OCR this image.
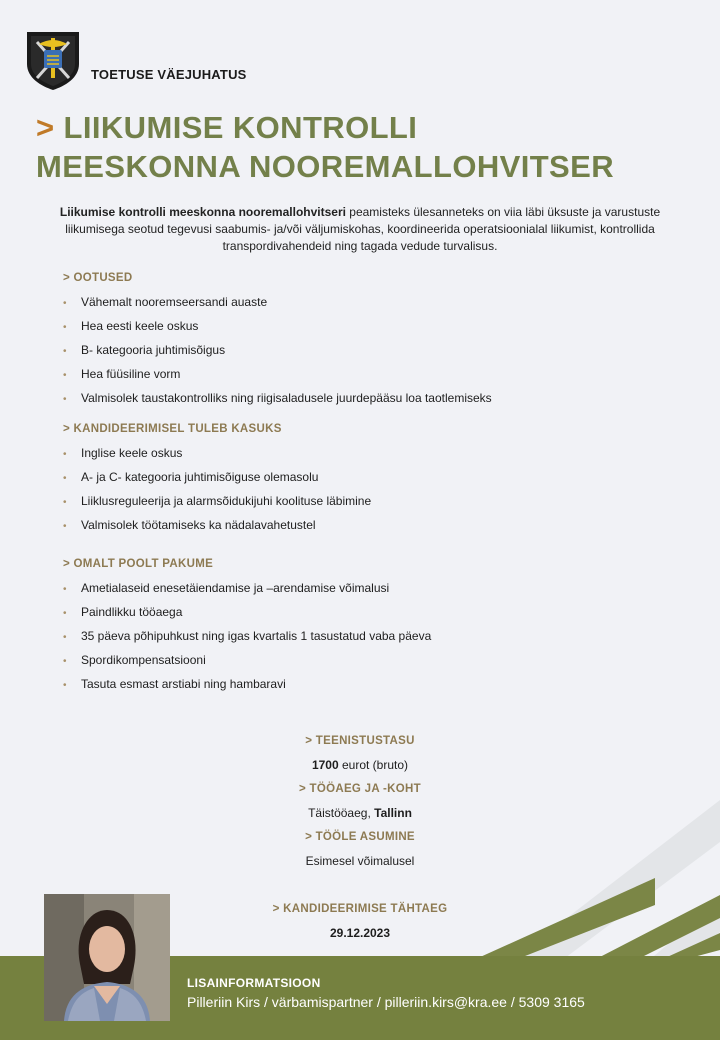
TOETUSE VÄEJUHATUS
> LIIKUMISE KONTROLLI
MEESKONNA NOOREMALLOHVITSER
Liikumise kontrolli meeskonna nooremallohvitseri peamisteks ülesanneteks on viia läbi üksuste ja varustuste liikumisega seotud tegevusi saabumis- ja/või väljumiskohas, koordineerida operatsioonialal liikumist, kontrollida transpordivahendeid ning tagada vedude turvalisus.
> OOTUSED
• Vähemalt nooremseersandi auaste
• Hea eesti keele oskus
• B- kategooria juhtimisõigus
• Hea füüsiline vorm
• Valmisolek taustakontrolliks ning riigisaladusele juurdepääsu loa taotlemiseks
> KANDIDEERIMISEL TULEB KASUKS
• Inglise keele oskus
• A- ja C- kategooria juhtimisõiguse olemasolu
• Liiklusreguleerija ja alarmsõidukijuhi koolituse läbimine
• Valmisolek töötamiseks ka nädalavahetustel
> OMALT POOLT PAKUME
• Ametialaseid enesetäiendamise ja –arendamise võimalusi
• Paindlikku tööaega
• 35 päeva põhipuhkust ning igas kvartalis 1 tasustatud vaba päeva
• Spordikompensatsiooni
• Tasuta esmast arstiabi ning hambaravi
> TEENISTUSTASU
1700 eurot (bruto)
> TÖÖAEG JA -KOHT
Täistööaeg, Tallinn
> TÖÖLE ASUMINE
Esimesel võimalusel
> KANDIDEERIMISE TÄHTAEG
29.12.2023
LISAINFORMATSIOON
Pilleriin Kirs / värbamispartner / pilleriin.kirs@kra.ee / 5309 3165
